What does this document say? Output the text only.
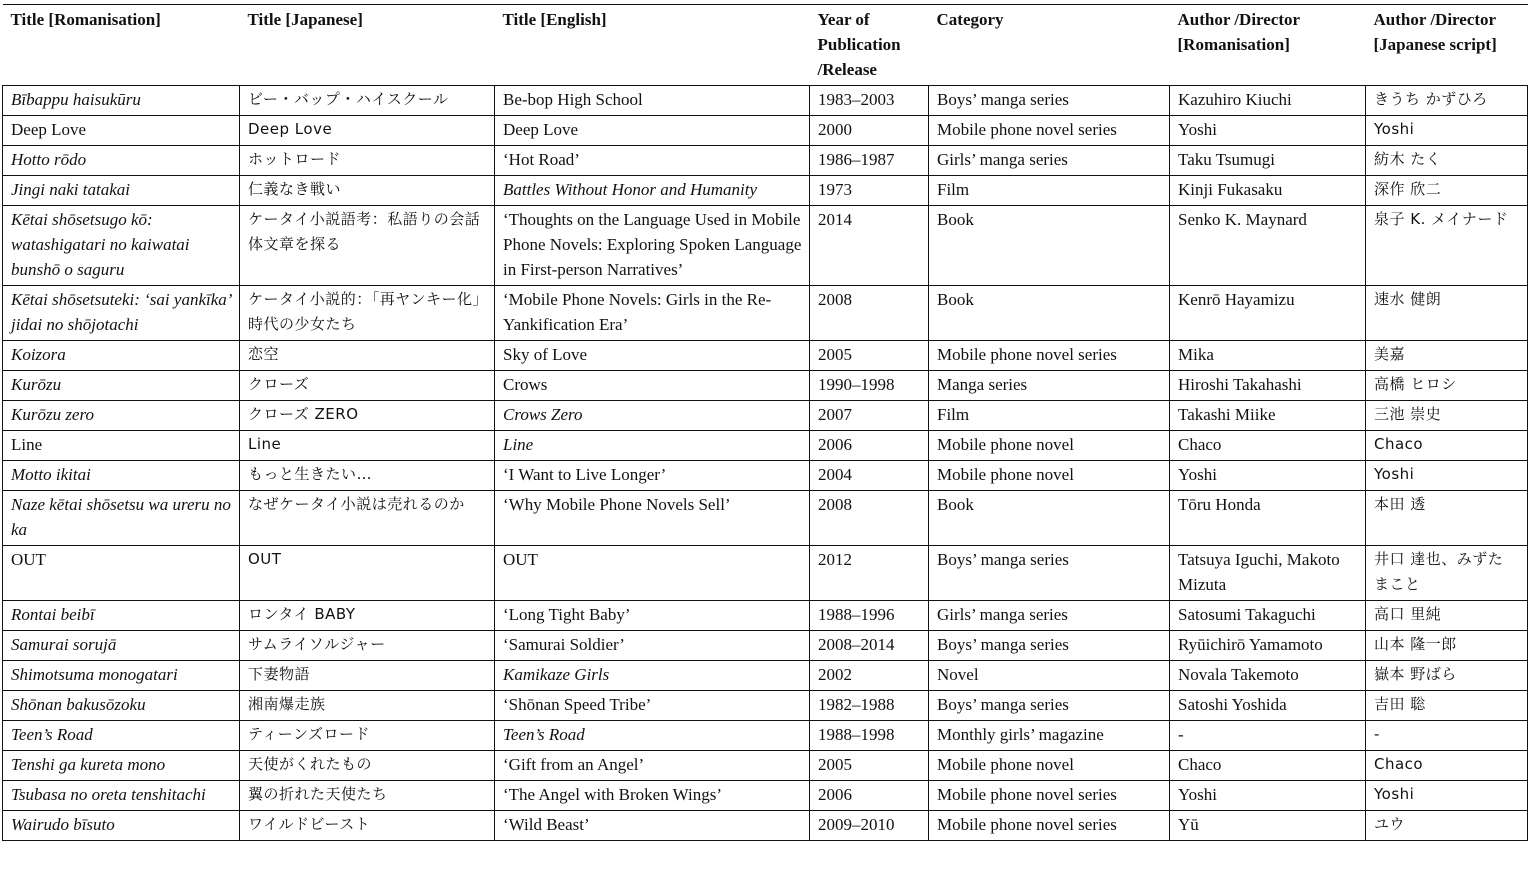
Title [Romanisation]	Title [Japanese]	Title [English]	Year of Publication /Release	Category	Author /Director [Romanisation]	Author /Director [Japanese script]
Bībappu haisukūru	ビー・バップ・ハイスクール	Be-bop High School	1983–2003	Boys’ manga series	Kazuhiro Kiuchi	きうち かずひろ
Deep Love	Deep Love	Deep Love	2000	Mobile phone novel series	Yoshi	Yoshi
Hotto rōdo	ホットロード	‘Hot Road’	1986–1987	Girls’ manga series	Taku Tsumugi	紡木 たく
Jingi naki tatakai	仁義なき戦い	Battles Without Honor and Humanity	1973	Film	Kinji Fukasaku	深作 欣二
Kētai shōsetsugo kō: watashigatari no kaiwatai bunshō o saguru	ケータイ小説語考：私語りの会話体文章を探る	‘Thoughts on the Language Used in Mobile Phone Novels: Exploring Spoken Language in First-person Narratives’	2014	Book	Senko K. Maynard	泉子 K. メイナード
Kētai shōsetsuteki: ‘sai yankīka’ jidai no shōjotachi	ケータイ小説的：「再ヤンキー化」時代の少女たち	‘Mobile Phone Novels: Girls in the Re-Yankification Era’	2008	Book	Kenrō Hayamizu	速水 健朗
Koizora	恋空	Sky of Love	2005	Mobile phone novel series	Mika	美嘉
Kurōzu	クローズ	Crows	1990–1998	Manga series	Hiroshi Takahashi	高橋 ヒロシ
Kurōzu zero	クローズ ZERO	Crows Zero	2007	Film	Takashi Miike	三池 崇史
Line	Line	Line	2006	Mobile phone novel	Chaco	Chaco
Motto ikitai	もっと生きたい…	‘I Want to Live Longer’	2004	Mobile phone novel	Yoshi	Yoshi
Naze kētai shōsetsu wa ureru no ka	なぜケータイ小説は売れるのか	‘Why Mobile Phone Novels Sell’	2008	Book	Tōru Honda	本田 透
OUT	OUT	OUT	2012	Boys’ manga series	Tatsuya Iguchi, Makoto Mizuta	井口 達也、みずた まこと
Rontai beibī	ロンタイ BABY	‘Long Tight Baby’	1988–1996	Girls’ manga series	Satosumi Takaguchi	高口 里純
Samurai sorujā	サムライソルジャー	‘Samurai Soldier’	2008–2014	Boys’ manga series	Ryūichirō Yamamoto	山本 隆一郎
Shimotsuma monogatari	下妻物語	Kamikaze Girls	2002	Novel	Novala Takemoto	嶽本 野ばら
Shōnan bakusōzoku	湘南爆走族	‘Shōnan Speed Tribe’	1982–1988	Boys’ manga series	Satoshi Yoshida	吉田 聡
Teen’s Road	ティーンズロード	Teen’s Road	1988–1998	Monthly girls’ magazine	-	-
Tenshi ga kureta mono	天使がくれたもの	‘Gift from an Angel’	2005	Mobile phone novel	Chaco	Chaco
Tsubasa no oreta tenshitachi	翼の折れた天使たち	‘The Angel with Broken Wings’	2006	Mobile phone novel series	Yoshi	Yoshi
Wairudo bīsuto	ワイルドビースト	‘Wild Beast’	2009–2010	Mobile phone novel series	Yū	ユウ
